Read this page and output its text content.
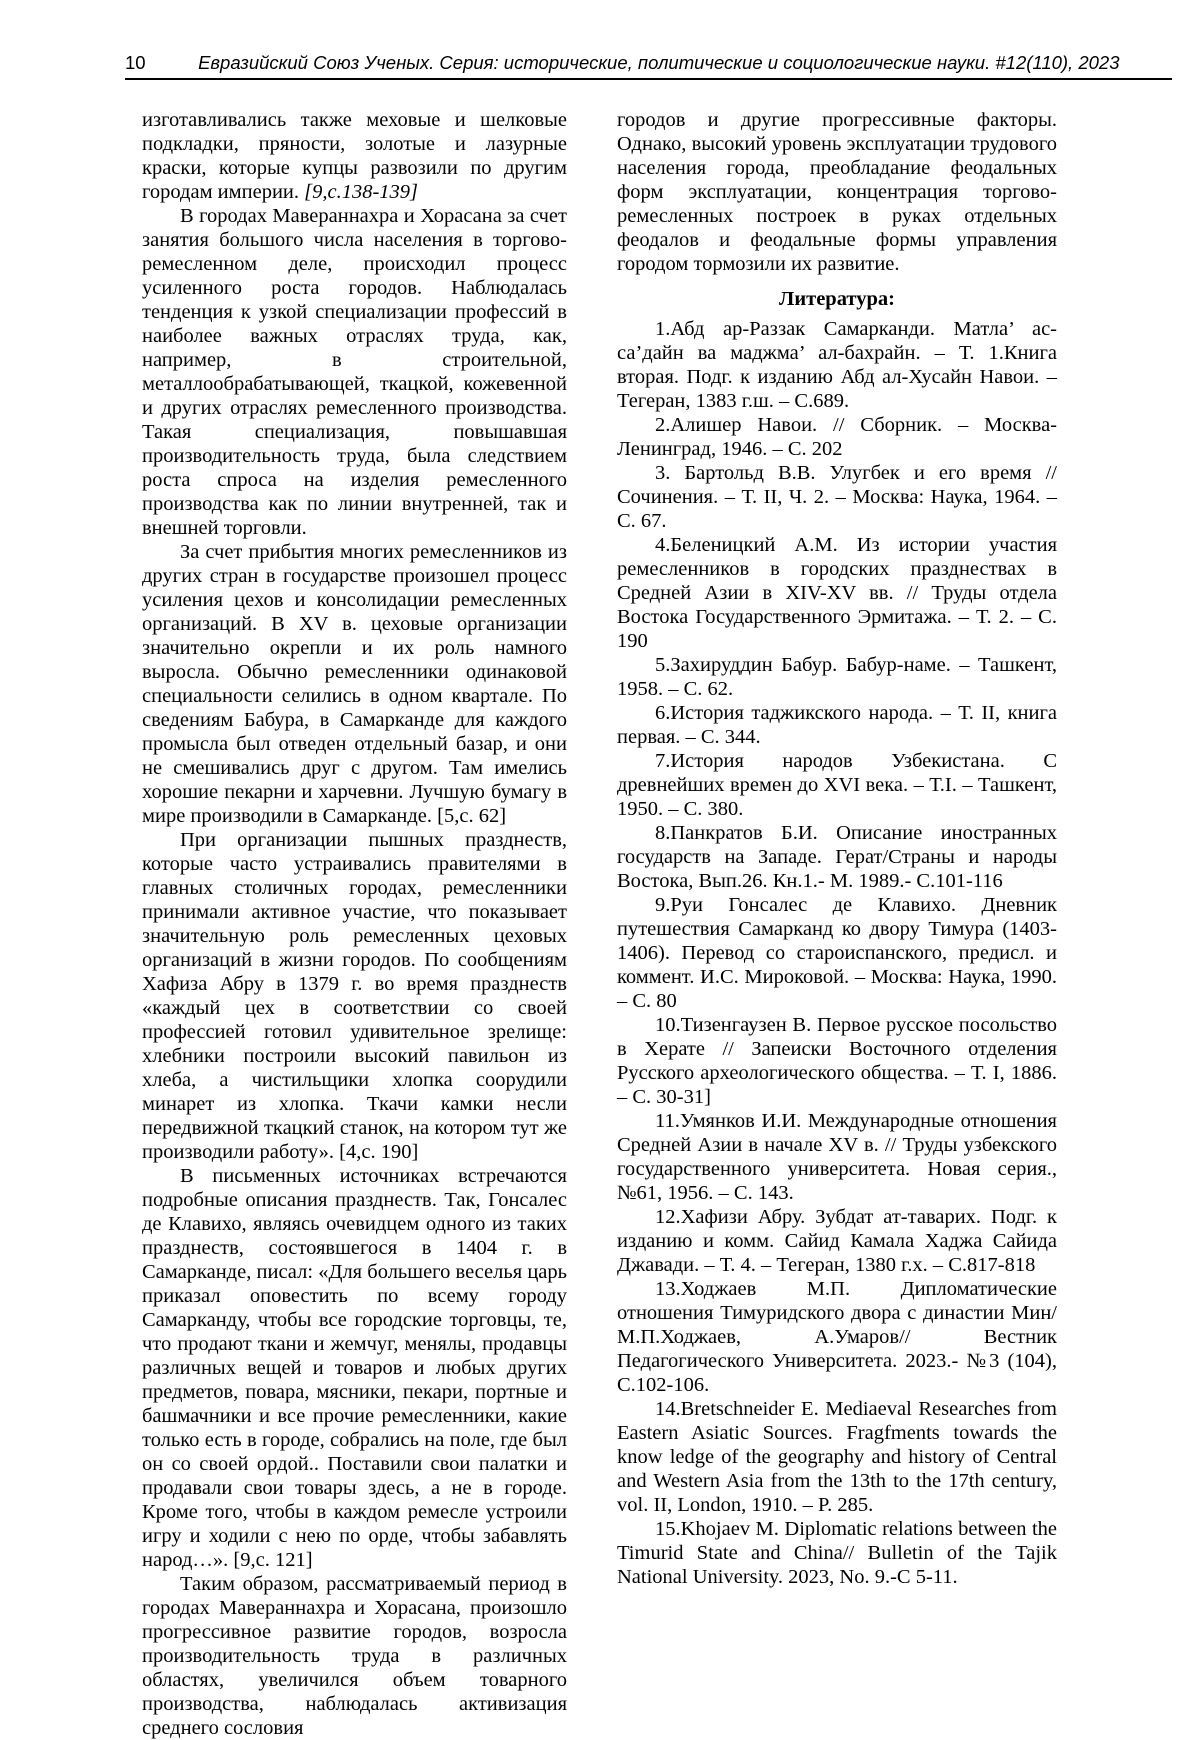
10	Евразийский Союз Ученых. Серия: исторические, политические и социологические науки. #12(110), 2023

изготавливались также меховые и шелковые подкладки, пряности, золотые и лазурные краски, которые купцы развозили по другим городам империи. [9,с.138-139]

В городах Мавераннахра и Хорасана за счет занятия большого числа населения в торгово-ремесленном деле, происходил процесс усиленного роста городов. Наблюдалась тенденция к узкой специализации профессий в наиболее важных отраслях труда, как, например, в строительной, металлообрабатывающей, ткацкой, кожевенной и других отраслях ремесленного производства. Такая специализация, повышавшая производительность труда, была следствием роста спроса на изделия ремесленного производства как по линии внутренней, так и внешней торговли.

За счет прибытия многих ремесленников из других стран в государстве произошел процесс усиления цехов и консолидации ремесленных организаций. В XV в. цеховые организации значительно окрепли и их роль намного выросла. Обычно ремесленники одинаковой специальности селились в одном квартале. По сведениям Бабура, в Самарканде для каждого промысла был отведен отдельный базар, и они не смешивались друг с другом. Там имелись хорошие пекарни и харчевни. Лучшую бумагу в мире производили в Самарканде. [5,с. 62]

При организации пышных празднеств, которые часто устраивались правителями в главных столичных городах, ремесленники принимали активное участие, что показывает значительную роль ремесленных цеховых организаций в жизни городов. По сообщениям Хафиза Абру в 1379 г. во время празднеств «каждый цех в соответствии со своей профессией готовил удивительное зрелище: хлебники построили высокий павильон из хлеба, а чистильщики хлопка соорудили минарет из хлопка. Ткачи камки несли передвижной ткацкий станок, на котором тут же производили работу». [4,с. 190]

В письменных источниках встречаются подробные описания празднеств. Так, Гонсалес де Клавихо, являясь очевидцем одного из таких празднеств, состоявшегося в 1404 г. в Самарканде, писал: «Для большего веселья царь приказал оповестить по всему городу Самарканду, чтобы все городские торговцы, те, что продают ткани и жемчуг, менялы, продавцы различных вещей и товаров и любых других предметов, повара, мясники, пекари, портные и башмачники и все прочие ремесленники, какие только есть в городе, собрались на поле, где был он со своей ордой.. Поставили свои палатки и продавали свои товары здесь, а не в городе. Кроме того, чтобы в каждом ремесле устроили игру и ходили с нею по орде, чтобы забавлять народ…». [9,с. 121]

Таким образом, рассматриваемый период в городах Мавераннахра и Хорасана, произошло прогрессивное развитие городов, возросла производительность труда в различных областях, увеличился объем товарного производства, наблюдалась активизация среднего сословия

городов и другие прогрессивные факторы. Однако, высокий уровень эксплуатации трудового населения города, преобладание феодальных форм эксплуатации, концентрация торгово-ремесленных построек в руках отдельных феодалов и феодальные формы управления городом тормозили их развитие.

Литература:

1.Абд ар-Раззак Самарканди. Матла’ ас-са’дайн ва маджма’ ал-бахрайн. – Т. 1.Книга вторая. Подг. к изданию Абд ал-Хусайн Навои. – Тегеран, 1383 г.ш. – С.689.

2.Алишер Навои. // Сборник. – Москва-Ленинград, 1946. – С. 202

3. Бартольд В.В. Улугбек и его время // Сочинения. – Т. II, Ч. 2. – Москва: Наука, 1964. – С. 67.

4.Беленицкий А.М. Из истории участия ремесленников в городских празднествах в Средней Азии в XIV-XV вв. // Труды отдела Востока Государственного Эрмитажа. – Т. 2. – С. 190

5.Захируддин Бабур. Бабур-наме. – Ташкент, 1958. – С. 62.

6.История таджикского народа. – Т. II, книга первая. – С. 344.

7.История народов Узбекистана. С древнейших времен до XVI века. – Т.I. – Ташкент, 1950. – С. 380.

8.Панкратов Б.И. Описание иностранных государств на Западе. Герат/Страны и народы Востока, Вып.26. Кн.1.- М. 1989.- С.101-116

9.Руи Гонсалес де Клавихо. Дневник путешествия Самарканд ко двору Тимура (1403-1406). Перевод со староиспанского, предисл. и коммент. И.С. Мироковой. – Москва: Наука, 1990. – С. 80

10.Тизенгаузен В. Первое русское посольство в Херате // Запеиски Восточного отделения Русского археологического общества. – Т. I, 1886. – С. 30-31]

11.Умянков И.И. Международные отношения Средней Азии в начале XV в. // Труды узбекского государственного университета. Новая серия., №61, 1956. – С. 143.

12.Хафизи Абру. Зубдат ат-таварих. Подг. к изданию и комм. Сайид Камала Хаджа Сайида Джавади. – Т. 4. – Тегеран, 1380 г.х. – С.817-818

13.Ходжаев М.П. Дипломатические отношения Тимуридского двора с династии Мин/ М.П.Ходжаев, А.Умаров// Вестник Педагогического Университета. 2023.- №3 (104), С.102-106.

14.Bretschneider E. Mediaeval Researches from Eastern Asiatic Sources. Fragfments towards the know ledge of the geography and history of Central and Western Asia from the 13th to the 17th century, vol. II, London, 1910. – P. 285.

15.Khojaev M. Diplomatic relations between the Timurid State and China// Bulletin of the Tajik National University. 2023, No. 9.-C 5-11.
